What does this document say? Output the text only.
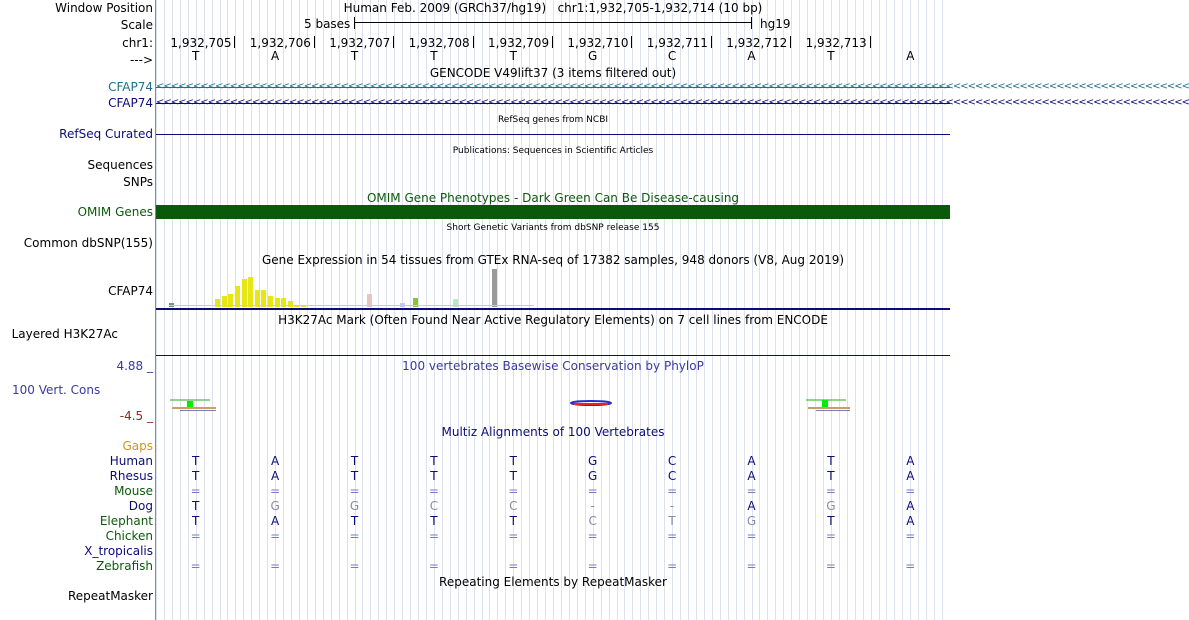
Window Position	Human Feb. 2009 (GRCh37/hg19) chr1:1,932,705-1,932,714 (10 bp)
Scale	5 bases	hg19
chr1: 1,932,705 1,932,706 1,932,707 1,932,708 1,932,709 1,932,710 1,932,711 1,932,712 1,932,713
--->	T	A	T	T	T	G	C	A	T	A
GENCODE V49lift37 (3 items filtered out)
CFAP74 <<<<<<<<<<<<<<<<<<<<<<<<<<<<<<<<<<<<<<<<<<<<<<<<<<<<<<<<<<<<<<<<<<<<<<<<<<<<<<<<<<<<<<<<<<<<<<<<<<<<<<<<<<<<<<<<<<<<<<<<<<<<<<<<<<<<<<<<<<<<
CFAP74 <<<<<<<<<<<<<<<<<<<<<<<<<<<<<<<<<<<<<<<<<<<<<<<<<<<<<<<<<<<<<<<<<<<<<<<<<<<<<<<<<<<<<<<<<<<<<<<<<<<<<<<<<<<<<<<<<<<<<<<<<<<<<<<<<<<<<<<<<<<<
RefSeq genes from NCBI
RefSeq Curated
Publications: Sequences in Scientific Articles
Sequences
SNPs
OMIM Gene Phenotypes - Dark Green Can Be Disease-causing
OMIM Genes
Short Genetic Variants from dbSNP release 155
Common dbSNP(155)
Gene Expression in 54 tissues from GTEx RNA-seq of 17382 samples, 948 donors (V8, Aug 2019)
CFAP74
H3K27Ac Mark (Often Found Near Active Regulatory Elements) on 7 cell lines from ENCODE
Layered H3K27Ac
100 vertebrates Basewise Conservation by PhyloP
4.88 _
100 Vert. Cons
-4.5 _
Gaps
Multiz Alignments of 100 Vertebrates
Human	T	A	T	T	T	G	C	A	T	A
Rhesus	T	A	T	T	T	G	C	A	T	A
Mouse	=	=	=	=	=	=	=	=	=	=
Dog	T	G	G	C	C	-	-	A	G	A
Elephant	T	A	T	T	T	C	T	G	T	A
Chicken	=	=	=	=	=	=	=	=	=	=
X_tropicalis
Zebrafish	=	=	=	=	=	=	=	=	=	=
Repeating Elements by RepeatMasker
RepeatMasker
